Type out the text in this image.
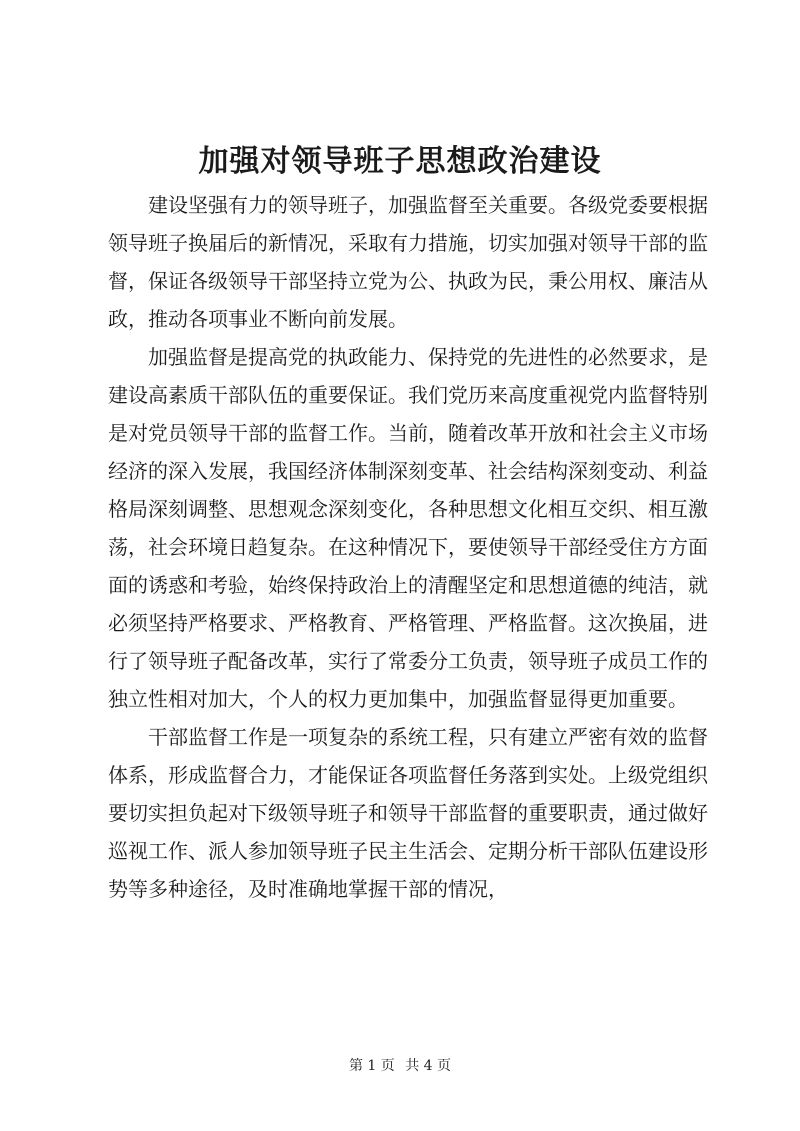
加强对领导班子思想政治建设

建设坚强有力的领导班子，加强监督至关重要。各级党委要根据领导班子换届后的新情况，采取有力措施，切实加强对领导干部的监督，保证各级领导干部坚持立党为公、执政为民，秉公用权、廉洁从政，推动各项事业不断向前发展。

加强监督是提高党的执政能力、保持党的先进性的必然要求，是建设高素质干部队伍的重要保证。我们党历来高度重视党内监督特别是对党员领导干部的监督工作。当前，随着改革开放和社会主义市场经济的深入发展，我国经济体制深刻变革、社会结构深刻变动、利益格局深刻调整、思想观念深刻变化，各种思想文化相互交织、相互激荡，社会环境日趋复杂。在这种情况下，要使领导干部经受住方方面面的诱惑和考验，始终保持政治上的清醒坚定和思想道德的纯洁，就必须坚持严格要求、严格教育、严格管理、严格监督。这次换届，进行了领导班子配备改革，实行了常委分工负责，领导班子成员工作的独立性相对加大，个人的权力更加集中，加强监督显得更加重要。

干部监督工作是一项复杂的系统工程，只有建立严密有效的监督体系，形成监督合力，才能保证各项监督任务落到实处。上级党组织要切实担负起对下级领导班子和领导干部监督的重要职责，通过做好巡视工作、派人参加领导班子民主生活会、定期分析干部队伍建设形势等多种途径，及时准确地掌握干部的情况，

第 1 页 共 4 页
